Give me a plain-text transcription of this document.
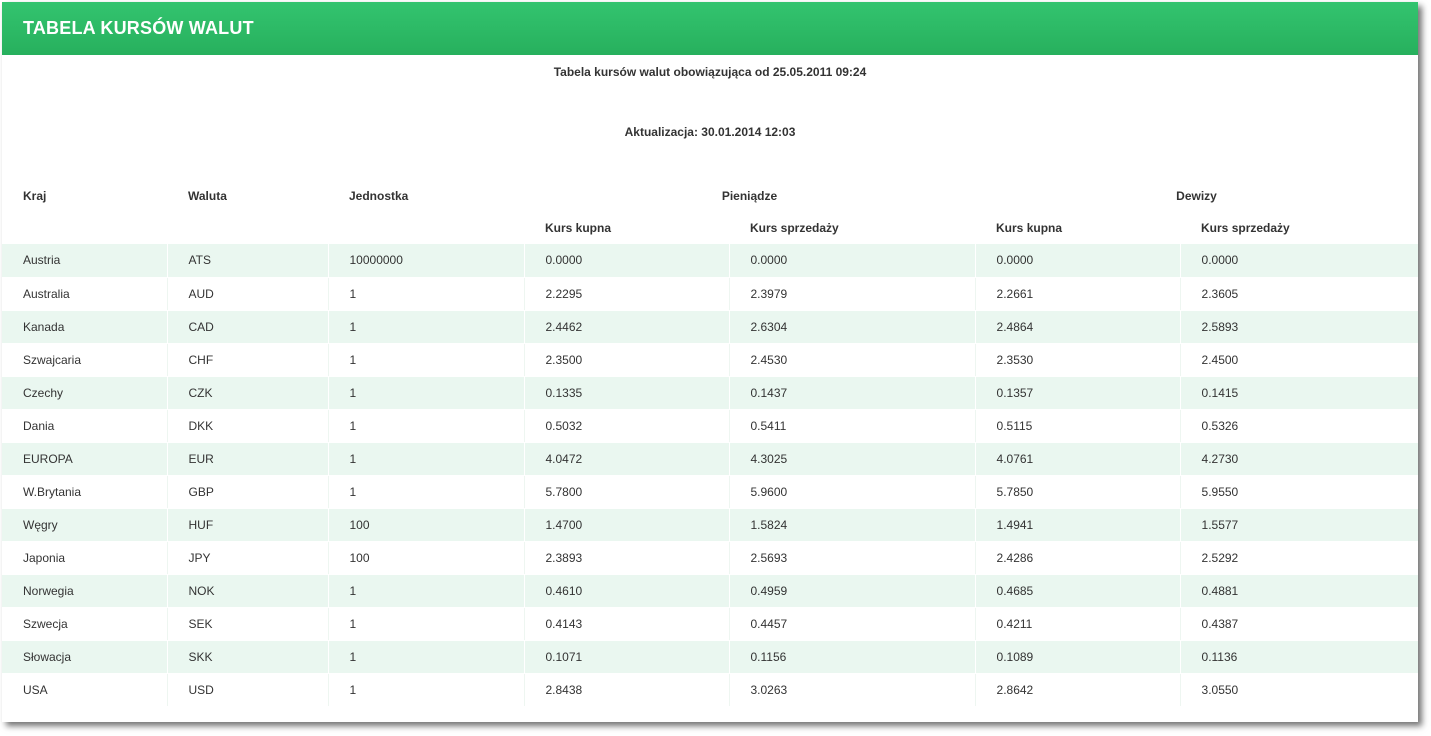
TABELA KURSÓW WALUT
Tabela kursów walut obowiązująca od 25.05.2011 09:24
Aktualizacja: 30.01.2014 12:03
Kraj	Waluta	Jednostka	Pieniądze		Dewizy	
			Kurs kupna	Kurs sprzedaży	Kurs kupna	Kurs sprzedaży
Austria	ATS	10000000	0.0000	0.0000	0.0000	0.0000
Australia	AUD	1	2.2295	2.3979	2.2661	2.3605
Kanada	CAD	1	2.4462	2.6304	2.4864	2.5893
Szwajcaria	CHF	1	2.3500	2.4530	2.3530	2.4500
Czechy	CZK	1	0.1335	0.1437	0.1357	0.1415
Dania	DKK	1	0.5032	0.5411	0.5115	0.5326
EUROPA	EUR	1	4.0472	4.3025	4.0761	4.2730
W.Brytania	GBP	1	5.7800	5.9600	5.7850	5.9550
Węgry	HUF	100	1.4700	1.5824	1.4941	1.5577
Japonia	JPY	100	2.3893	2.5693	2.4286	2.5292
Norwegia	NOK	1	0.4610	0.4959	0.4685	0.4881
Szwecja	SEK	1	0.4143	0.4457	0.4211	0.4387
Słowacja	SKK	1	0.1071	0.1156	0.1089	0.1136
USA	USD	1	2.8438	3.0263	2.8642	3.0550
